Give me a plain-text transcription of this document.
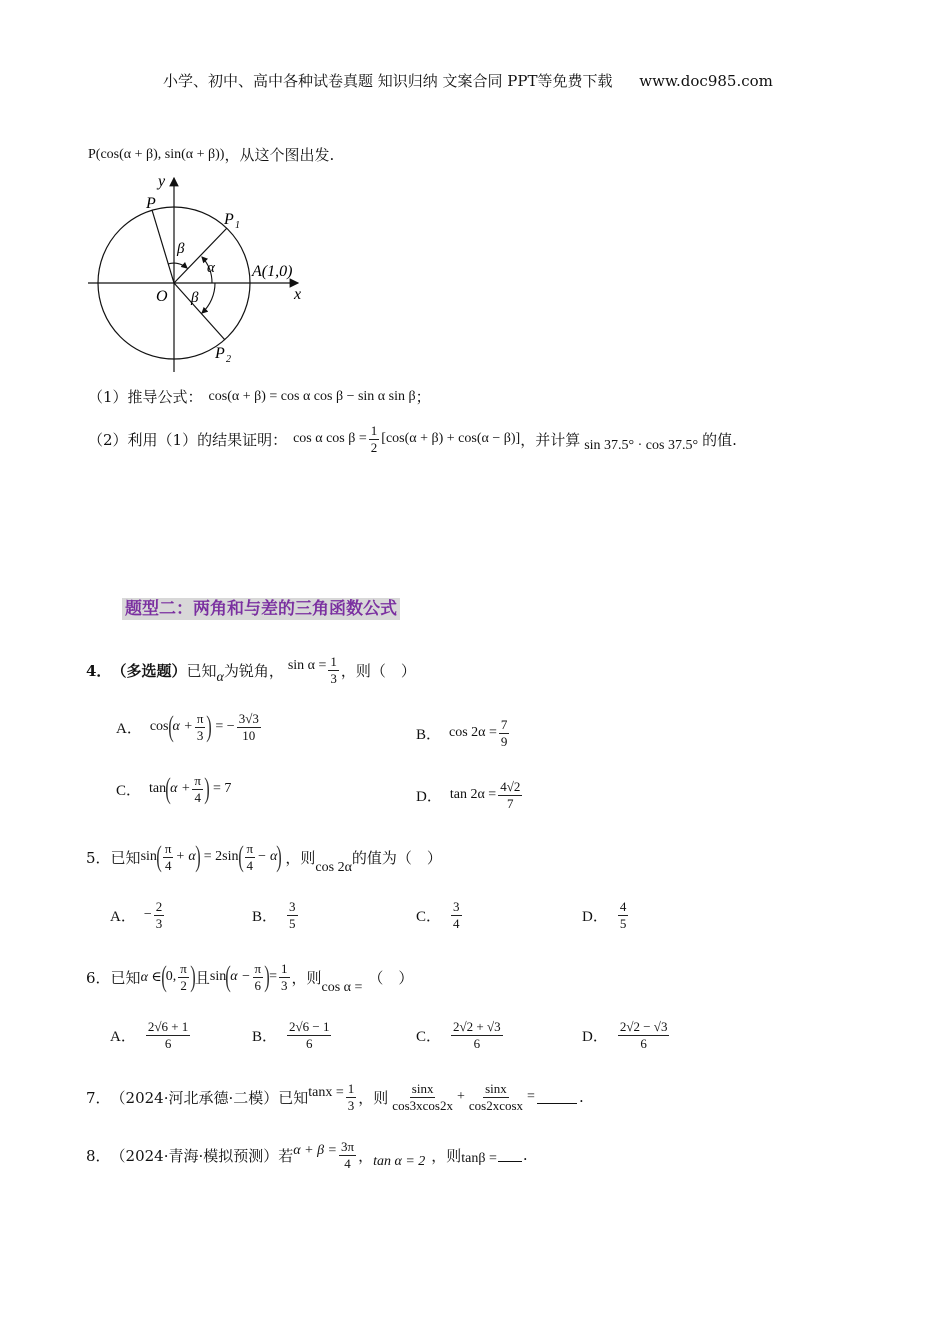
小学、初中、高中各种试卷真题 知识归纳 文案合同 PPT等免费下载 www.doc985.com
P(cos(α + β), sin(α + β)) ，从这个图出发.
y
x
O
P
P 1
P 2
A(1,0)
α
β
β
（1）推导公式： cos(α + β) = cos α cos β − sin α sin β ；
（2）利用（1）的结果证明： cos α $\cos \beta = \frac{1}{2} [\cos(\alpha + \beta) + \cos(\alpha - \beta)]$ ，并计算 sin 37.5° · cos 37.5° 的值.
题型二：两角和与差的三角函数公式
4． （多选题） 已知 α 为锐角， $\sin \alpha = \frac{1}{3}$ ，则（　）
A． cos ( $\alpha + \frac{\pi}{3}$ ) = − $\frac{3√3}{10}$	B． $\cos 2\alpha = \frac{7}{9}$
C． tan ( $\alpha + \frac{\pi}{4}$ ) = 7	D． $\tan 2\alpha = \frac{4√2}{7}$
5． 已知 sin ( π
4
+ α ) = 2sin ( π
4
− α ) ，则
cos 2α
的值为（　）
A． − $\frac{2}{3}$	B．
3
5	C．
3
4	D．
4
5
6． 已知 α ∈ ( 0,
π
2 ) 且 sin ( $\alpha - \frac{\pi}{6}$ ) = $\frac{1}{3}$ ，则
cos α =
（　）
A．
2√6 + 1
6	B．
2√6 − 1
6	C．
2√2 + √3
6	D．
2√2 − √3
6
7． （2024·河北承德·二模） 已知 $\tan x = \frac{1}{3}$ ，则
sinx
cos3xcos2x
+ $\frac{\sin x}{\cos 2xcosx}$ =	.
8． （2024·青海·模拟预测） 若 $\alpha + \beta = \frac{3\pi}{4}$ ， tan α = 2 ，则 tanβ = .
